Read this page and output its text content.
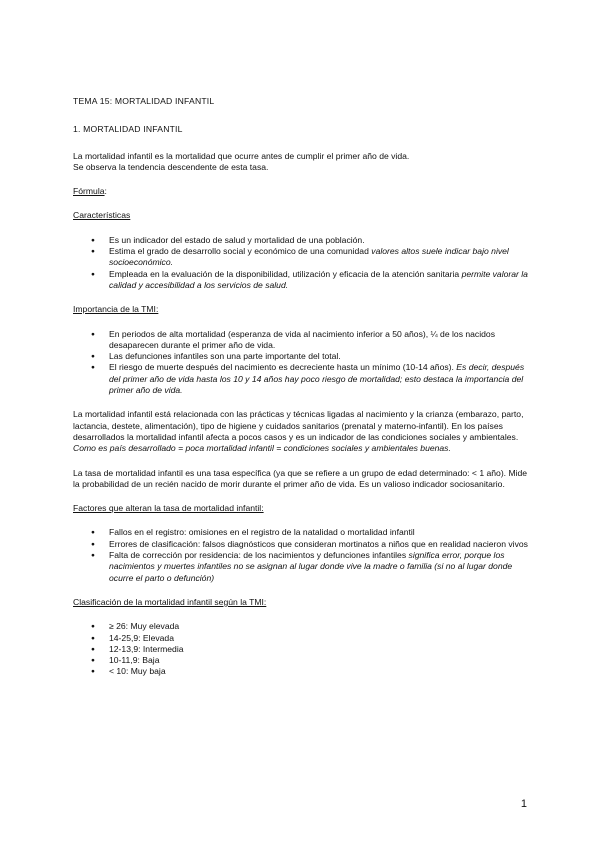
TEMA 15: MORTALIDAD INFANTIL
1. MORTALIDAD INFANTIL

La mortalidad infantil es la mortalidad que ocurre antes de cumplir el primer año de vida.
Se observa la tendencia descendente de esta tasa.

Fórmula:

Características
● Es un indicador del estado de salud y mortalidad de una población.
● Estima el grado de desarrollo social y económico de una comunidad valores altos suele indicar bajo nivel socioeconómico.
● Empleada en la evaluación de la disponibilidad, utilización y eficacia de la atención sanitaria permite valorar la calidad y accesibilidad a los servicios de salud.
Importancia de la TMI:
● En periodos de alta mortalidad (esperanza de vida al nacimiento inferior a 50 años), ¼ de los nacidos desaparecen durante el primer año de vida.
● Las defunciones infantiles son una parte importante del total.
● El riesgo de muerte después del nacimiento es decreciente hasta un mínimo (10-14 años). Es decir, después del primer año de vida hasta los 10 y 14 años hay poco riesgo de mortalidad; esto destaca la importancia del primer año de vida.

La mortalidad infantil está relacionada con las prácticas y técnicas ligadas al nacimiento y la crianza (embarazo, parto, lactancia, destete, alimentación), tipo de higiene y cuidados sanitarios (prenatal y materno-infantil). En los países desarrollados la mortalidad infantil afecta a pocos casos y es un indicador de las condiciones sociales y ambientales. Como es país desarrollado = poca mortalidad infantil = condiciones sociales y ambientales buenas.

La tasa de mortalidad infantil es una tasa específica (ya que se refiere a un grupo de edad determinado: < 1 año). Mide la probabilidad de un recién nacido de morir durante el primer año de vida. Es un valioso indicador sociosanitario.

Factores que alteran la tasa de mortalidad infantil:
● Fallos en el registro: omisiones en el registro de la natalidad o mortalidad infantil
● Errores de clasificación: falsos diagnósticos que consideran mortinatos a niños que en realidad nacieron vivos
● Falta de corrección por residencia: de los nacimientos y defunciones infantiles significa error, porque los nacimientos y muertes infantiles no se asignan al lugar donde vive la madre o familia (si no al lugar donde ocurre el parto o defunción)
Clasificación de la mortalidad infantil según la TMI:
● ≥ 26: Muy elevada
● 14-25,9: Elevada
● 12-13,9: Intermedia
● 10-11,9: Baja
● < 10: Muy baja
1
